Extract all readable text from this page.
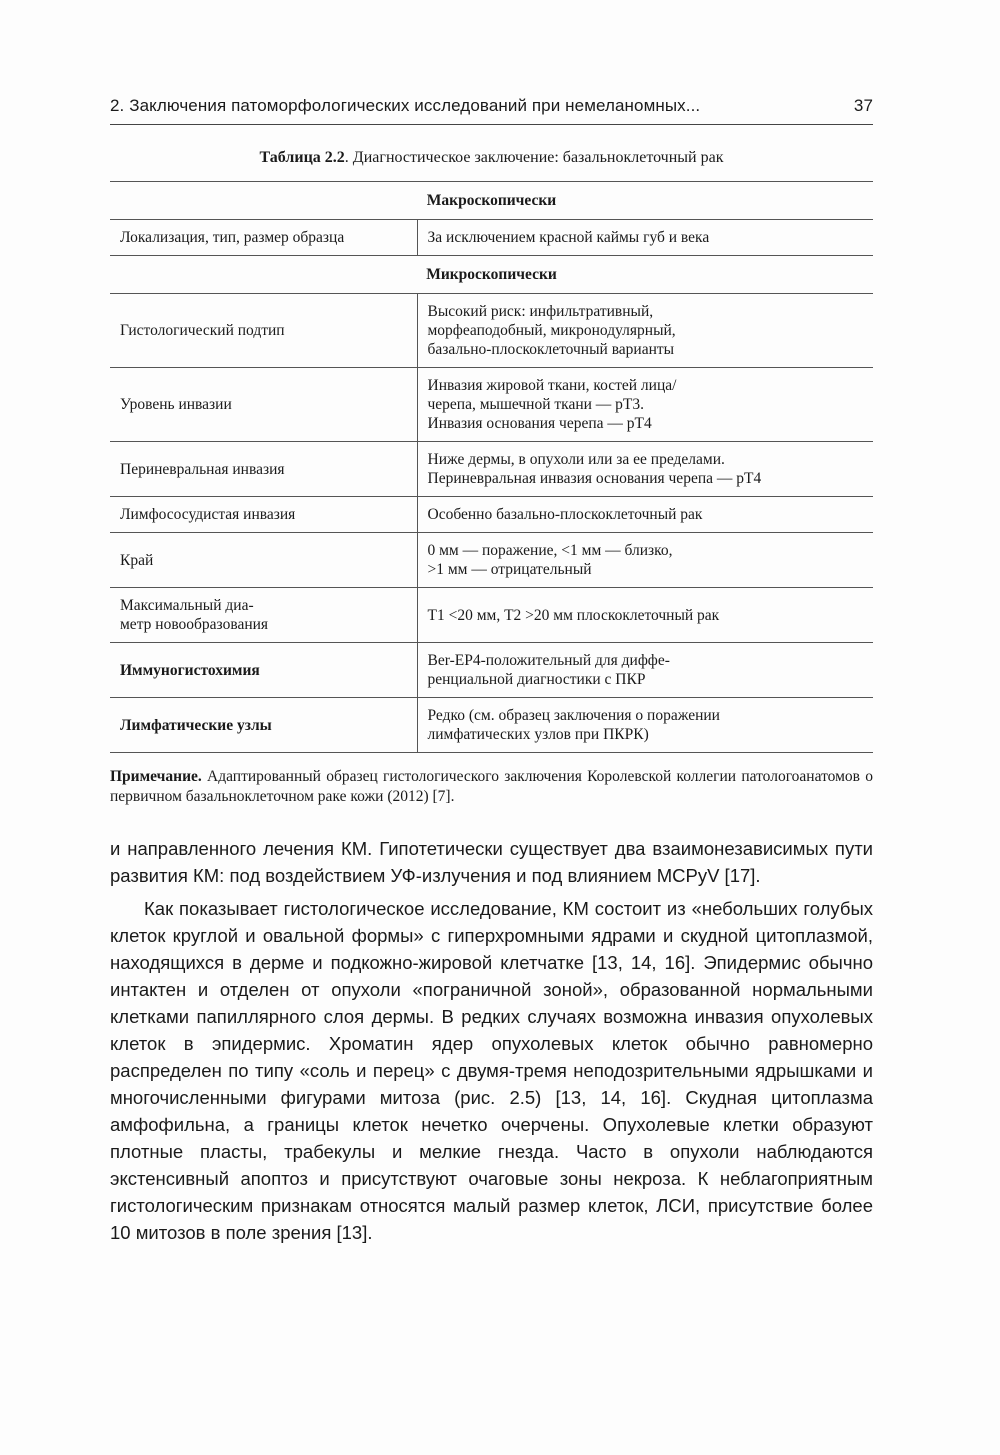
2. Заключения патоморфологических исследований при немеланомных...	37
Таблица 2.2. Диагностическое заключение: базальноклеточный рак
Макроскопически	

Локализация, тип, размер образца	За исключением красной каймы губ и века

Микроскопически	

Гистологический подтип	Высокий риск: инфильтративный,
морфеаподобный, микронодулярный,
базально-плоскоклеточный варианты

Уровень инвазии	Инвазия жировой ткани, костей лица/
черепа, мышечной ткани — pT3.
Инвазия основания черепа — pT4

Периневральная инвазия	Ниже дермы, в опухоли или за ее пределами.
Периневральная инвазия основания черепа — pT4

Лимфососудистая инвазия	Особенно базально-плоскоклеточный рак

Край	0 мм — поражение, <1 мм — близко,
>1 мм — отрицательный

Максимальный диа-
метр новообразования	T1 <20 мм, T2 >20 мм плоскоклеточный рак

Иммуногистохимия	Ber-EP4-положительный для диффе-
ренциальной диагностики с ПКР

Лимфатические узлы	Редко (см. образец заключения о поражении
лимфатических узлов при ПКРК)
Примечание. Адаптированный образец гистологического заключения Королевской коллегии патологоанатомов о первичном базальноклеточном раке кожи (2012) [7].

и направленного лечения КМ. Гипотетически существует два взаимонезависимых пути развития КМ: под воздействием УФ-излучения и под влиянием MCPyV [17].

Как показывает гистологическое исследование, КМ состоит из «небольших голубых клеток круглой и овальной формы» с гиперхромными ядрами и скудной цитоплазмой, находящихся в дерме и подкожно-жировой клетчатке [13, 14, 16]. Эпидермис обычно интактен и отделен от опухоли «пограничной зоной», образованной нормальными клетками папиллярного слоя дермы. В редких случаях возможна инвазия опухолевых клеток в эпидермис. Хроматин ядер опухолевых клеток обычно равномерно распределен по типу «соль и перец» с двумя-тремя неподозрительными ядрышками и многочисленными фигурами митоза (рис. 2.5) [13, 14, 16]. Скудная цитоплазма амфофильна, а границы клеток нечетко очерчены. Опухолевые клетки образуют плотные пласты, трабекулы и мелкие гнезда. Часто в опухоли наблюдаются экстенсивный апоптоз и присутствуют очаговые зоны некроза. К неблагоприятным гистологическим признакам относятся малый размер клеток, ЛСИ, присутствие более 10 митозов в поле зрения [13].
